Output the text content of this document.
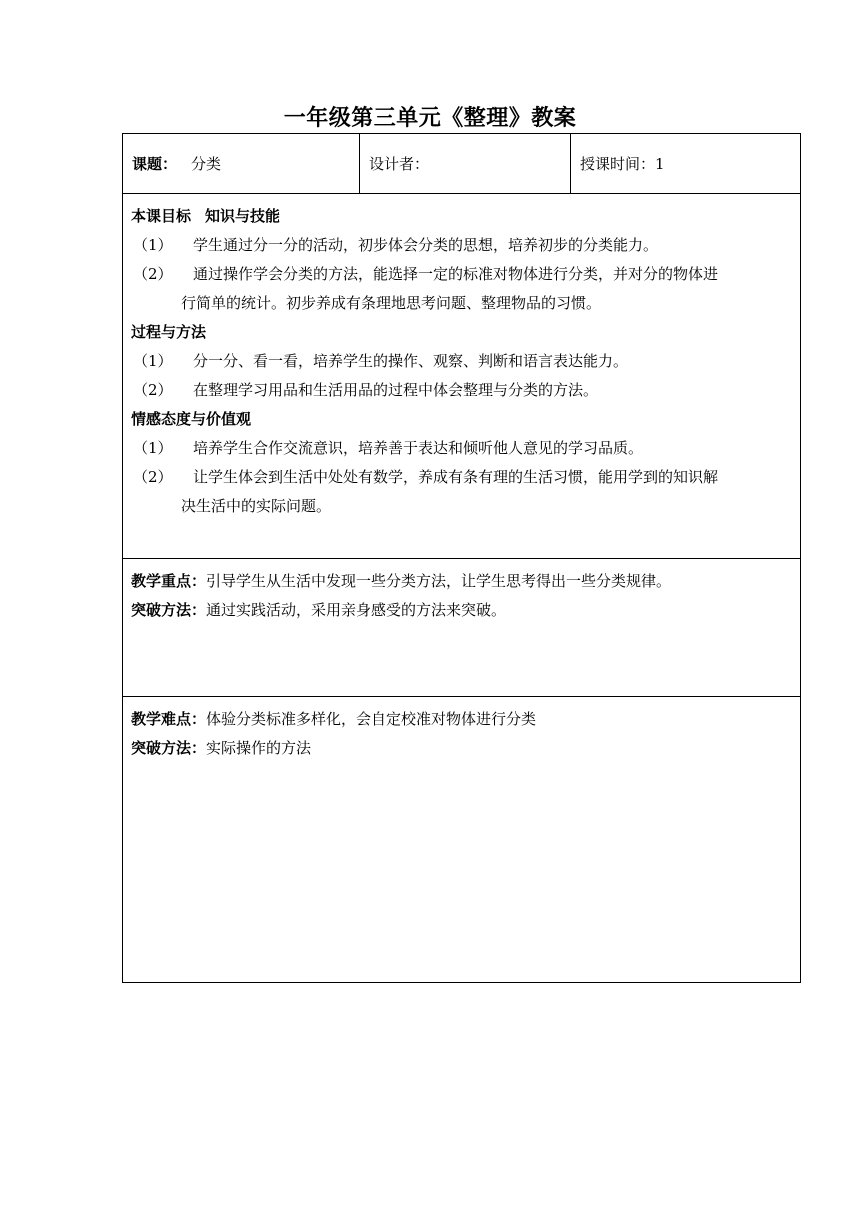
一年级第三单元《整理》教案
课题： 分类	设计者：	授课时间：1

本课目标 知识与技能
（1）	学生通过分一分的活动，初步体会分类的思想，培养初步的分类能力。
（2）	通过操作学会分类的方法，能选择一定的标准对物体进行分类，并对分的物体进
行简单的统计。初步养成有条理地思考问题、整理物品的习惯。
过程与方法
（1）	分一分、看一看，培养学生的操作、观察、判断和语言表达能力。
（2）	在整理学习用品和生活用品的过程中体会整理与分类的方法。
情感态度与价值观
（1）	培养学生合作交流意识，培养善于表达和倾听他人意见的学习品质。
（2）	让学生体会到生活中处处有数学，养成有条有理的生活习惯，能用学到的知识解
决生活中的实际问题。

教学重点：引导学生从生活中发现一些分类方法，让学生思考得出一些分类规律。
突破方法：通过实践活动，采用亲身感受的方法来突破。

教学难点：体验分类标准多样化，会自定校准对物体进行分类
突破方法：实际操作的方法
